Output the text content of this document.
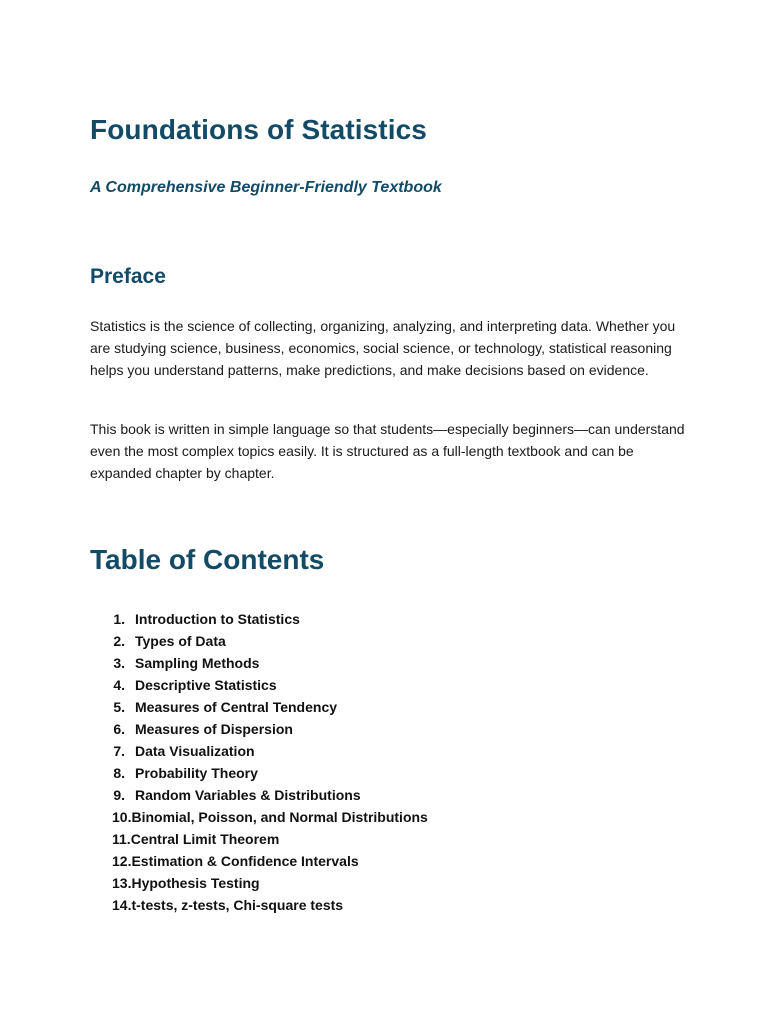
Foundations of Statistics

A Comprehensive Beginner-Friendly Textbook

Preface

Statistics is the science of collecting, organizing, analyzing, and interpreting data. Whether you are studying science, business, economics, social science, or technology, statistical reasoning helps you understand patterns, make predictions, and make decisions based on evidence.

This book is written in simple language so that students—especially beginners—can understand even the most complex topics easily. It is structured as a full-length textbook and can be expanded chapter by chapter.

Table of Contents
1. Introduction to Statistics
2. Types of Data
3. Sampling Methods
4. Descriptive Statistics
5. Measures of Central Tendency
6. Measures of Dispersion
7. Data Visualization
8. Probability Theory
9. Random Variables & Distributions
10. Binomial, Poisson, and Normal Distributions
11. Central Limit Theorem
12. Estimation & Confidence Intervals
13. Hypothesis Testing
14. t-tests, z-tests, Chi-square tests
